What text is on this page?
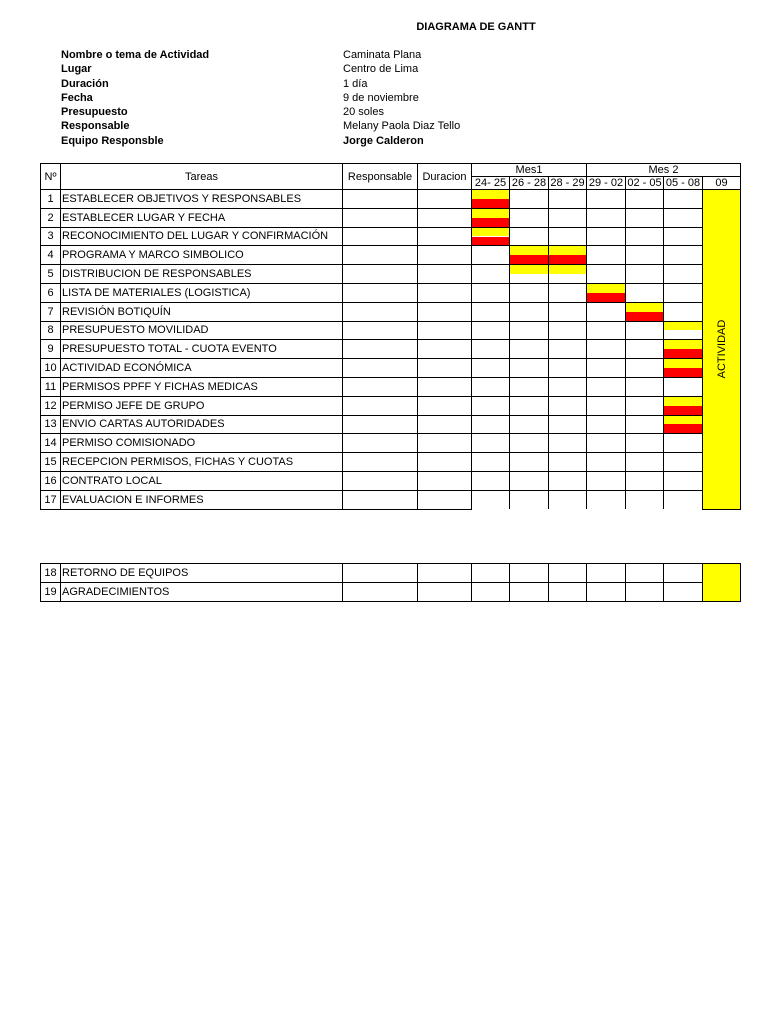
DIAGRAMA DE GANTT
Nombre o tema de Actividad	Caminata Plana
Lugar	Centro de Lima
Duración	1 día
Fecha	9 de noviembre
Presupuesto	20 soles
Responsable	Melany Paola Diaz Tello
Equipo Responsble	Jorge Calderon
Nº	Tareas	Responsable	Duracion	Mes1			Mes 2			
				24- 25	26 - 28	28 - 29	29 - 02	02 - 05	05 - 08	09
1	ESTABLECER OBJETIVOS Y RESPONSABLES									ACTIVIDAD

2	ESTABLECER LUGAR Y FECHA				

3	RECONOCIMIENTO DEL LUGAR Y CONFIRMACIÓN				

4	PROGRAMA Y MARCO SIMBOLICO					

5	DISTRIBUCION DE RESPONSABLES					

6	LISTA DE MATERIALES (LOGISTICA)							

7	REVISIÓN BOTIQUÍN								

8	PRESUPUESTO MOVILIDAD									

9	PRESUPUESTO TOTAL - CUOTA EVENTO									

10	ACTIVIDAD ECONÓMICA									

11	PERMISOS PPFF Y FICHAS MEDICAS									
12	PERMISO JEFE DE GRUPO									

13	ENVIO CARTAS AUTORIDADES									

14	PERMISO COMISIONADO									
15	RECEPCION PERMISOS, FICHAS Y CUOTAS									
16	CONTRATO LOCAL									
17	EVALUACION E INFORMES									
18	RETORNO DE EQUIPOS									
19	AGRADECIMIENTOS									
